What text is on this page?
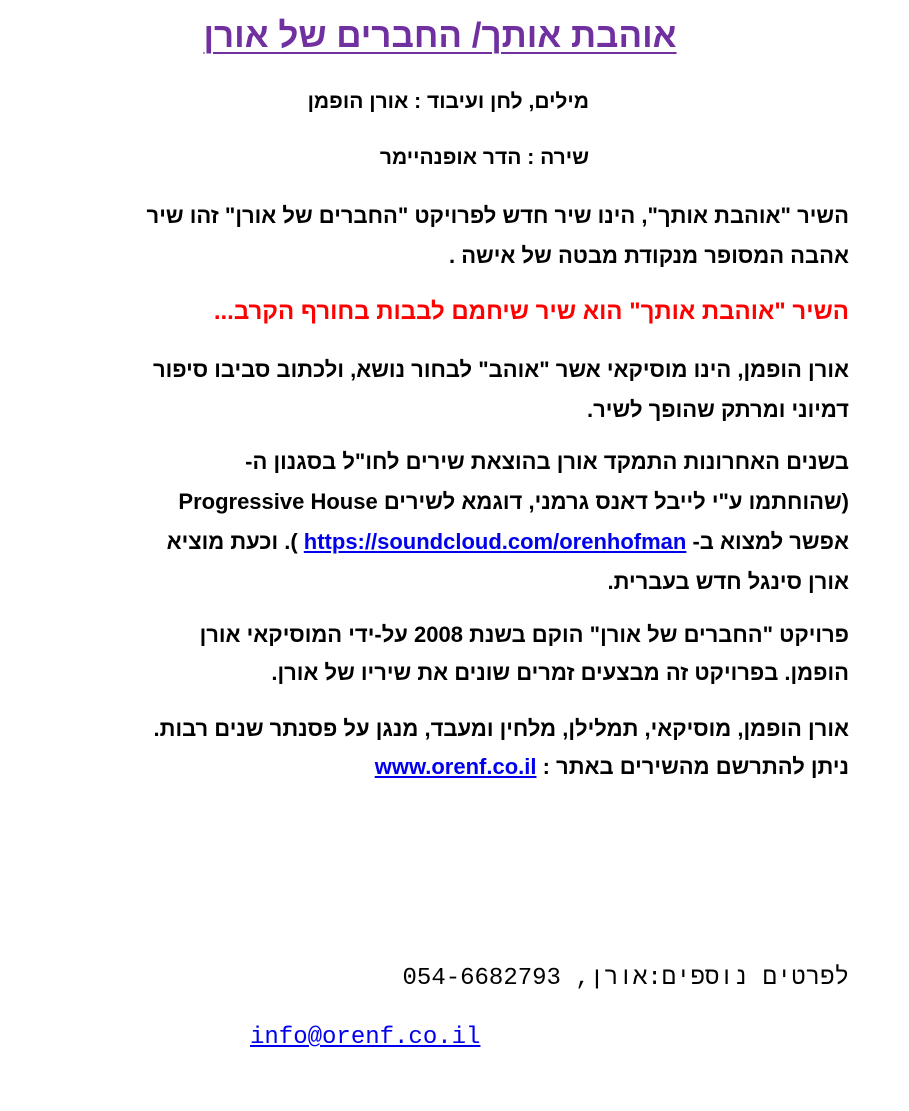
אוהבת אותך/ החברים של אורן
מילים, לחן ועיבוד : אורן הופמן
שירה : הדר אופנהיימר
השיר "אוהבת אותך", הינו שיר חדש לפרויקט "החברים של אורן" זהו שיר
אהבה המסופר מנקודת מבטה של אישה .
השיר "אוהבת אותך" הוא שיר שיחמם לבבות בחורף הקרב...
אורן הופמן, הינו מוסיקאי אשר "אוהב" לבחור נושא, ולכתוב סביבו סיפור
דמיוני ומרתק שהופך לשיר.
בשנים האחרונות התמקד אורן בהוצאת שירים לחו"ל בסגנון ה-
(שהוחתמו ע"י לייבל דאנס גרמני, דוגמא לשירים Progressive House
אפשר למצוא ב- https://soundcloud.com/orenhofman ). וכעת מוציא
אורן סינגל חדש בעברית.
פרויקט "החברים של אורן" הוקם בשנת 2008 על-ידי המוסיקאי אורן
הופמן. בפרויקט זה מבצעים זמרים שונים את שיריו של אורן.
אורן הופמן, מוסיקאי, תמלילן, מלחין ומעבד, מנגן על פסנתר שנים רבות.
ניתן להתרשם מהשירים באתר : www.orenf.co.il
לפרטים נוספים:אורן, 054-6682793
info@orenf.co.il
